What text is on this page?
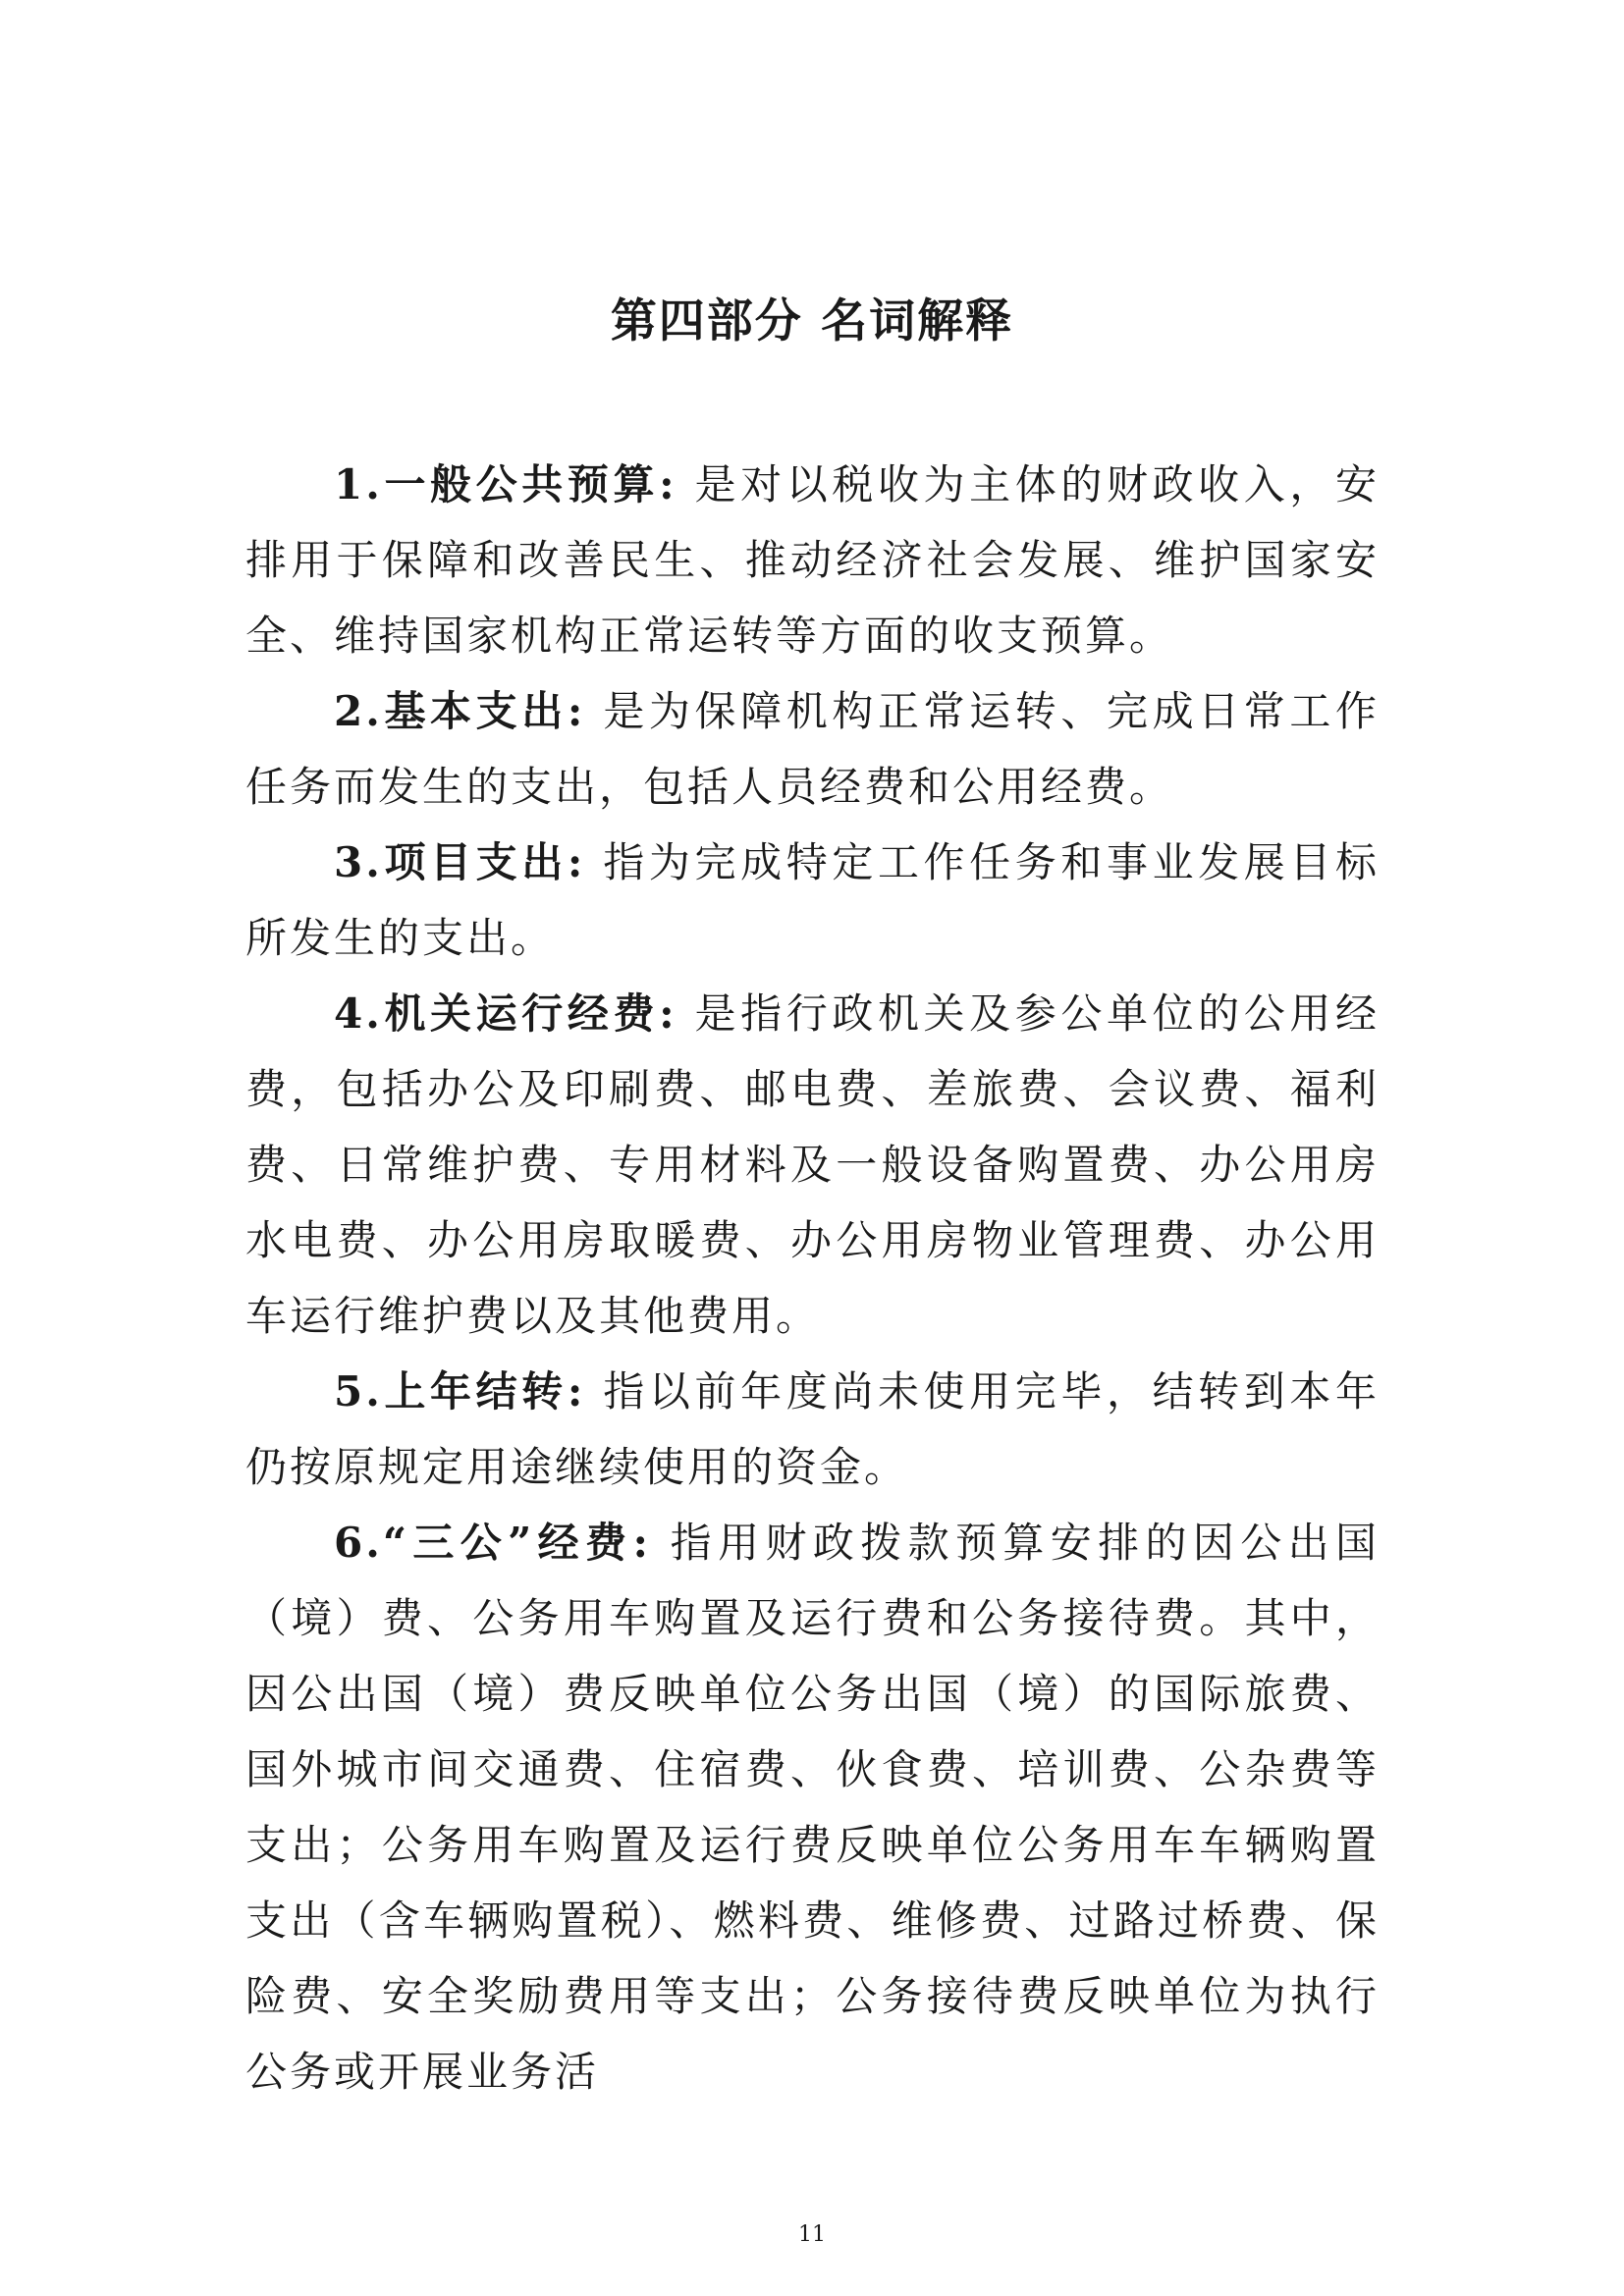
第四部分 名词解释

1.一般公共预算: 是对以税收为主体的财政收入，安排用于保障和改善民生、推动经济社会发展、维护国家安全、维持国家机构正常运转等方面的收支预算。

2.基本支出: 是为保障机构正常运转、完成日常工作任务而发生的支出，包括人员经费和公用经费。

3.项目支出: 指为完成特定工作任务和事业发展目标所发生的支出。

4.机关运行经费: 是指行政机关及参公单位的公用经费，包括办公及印刷费、邮电费、差旅费、会议费、福利费、日常维护费、专用材料及一般设备购置费、办公用房水电费、办公用房取暖费、办公用房物业管理费、办公用车运行维护费以及其他费用。

5.上年结转: 指以前年度尚未使用完毕，结转到本年仍按原规定用途继续使用的资金。

6.“三公”经费: 指用财政拨款预算安排的因公出国（境）费、公务用车购置及运行费和公务接待费。其中，因公出国（境）费反映单位公务出国（境）的国际旅费、国外城市间交通费、住宿费、伙食费、培训费、公杂费等支出；公务用车购置及运行费反映单位公务用车车辆购置支出（含车辆购置税）、燃料费、维修费、过路过桥费、保险费、安全奖励费用等支出；公务接待费反映单位为执行公务或开展业务活

11
